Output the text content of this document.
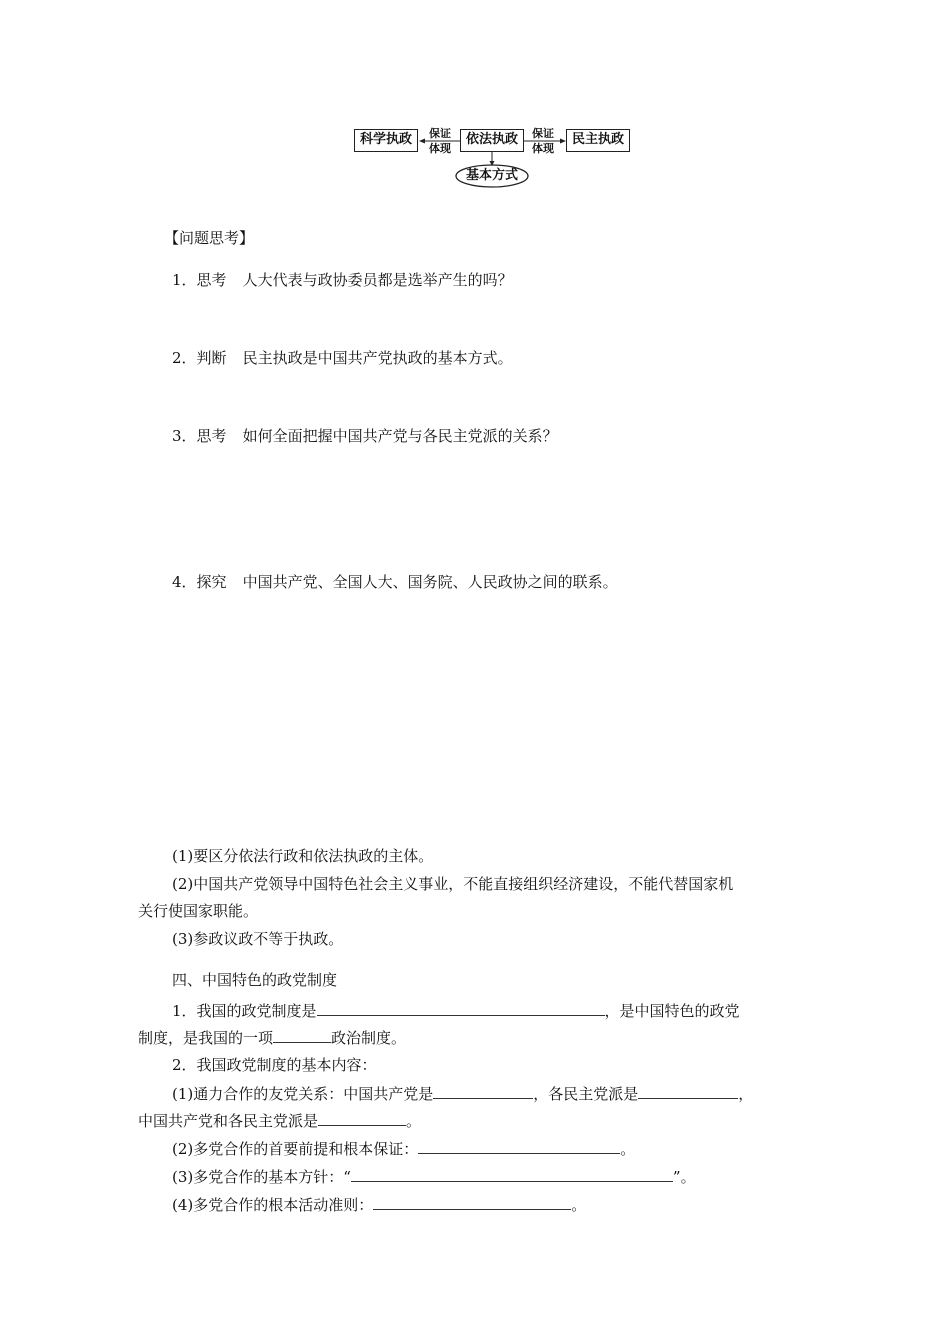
科学执政	依法执政	民主执政
保证
体现
保证
体现
基本方式
【问题思考】
1．思考 人大代表与政协委员都是选举产生的吗？
2．判断 民主执政是中国共产党执政的基本方式。
3．思考 如何全面把握中国共产党与各民主党派的关系？
4．探究 中国共产党、全国人大、国务院、人民政协之间的联系。
(1)要区分依法行政和依法执政的主体。
(2)中国共产党领导中国特色社会主义事业，不能直接组织经济建设，不能代替国家机
关行使国家职能。
(3)参政议政不等于执政。
四、中国特色的政党制度
1．我国的政党制度是	，是中国特色的政党
制度，是我国的一项	政治制度。
2．我国政党制度的基本内容：
(1)通力合作的友党关系：中国共产党是	，各民主党派是	，
中国共产党和各民主党派是	。
(2)多党合作的首要前提和根本保证：	。
(3)多党合作的基本方针：“	”。
(4)多党合作的根本活动准则：	。
